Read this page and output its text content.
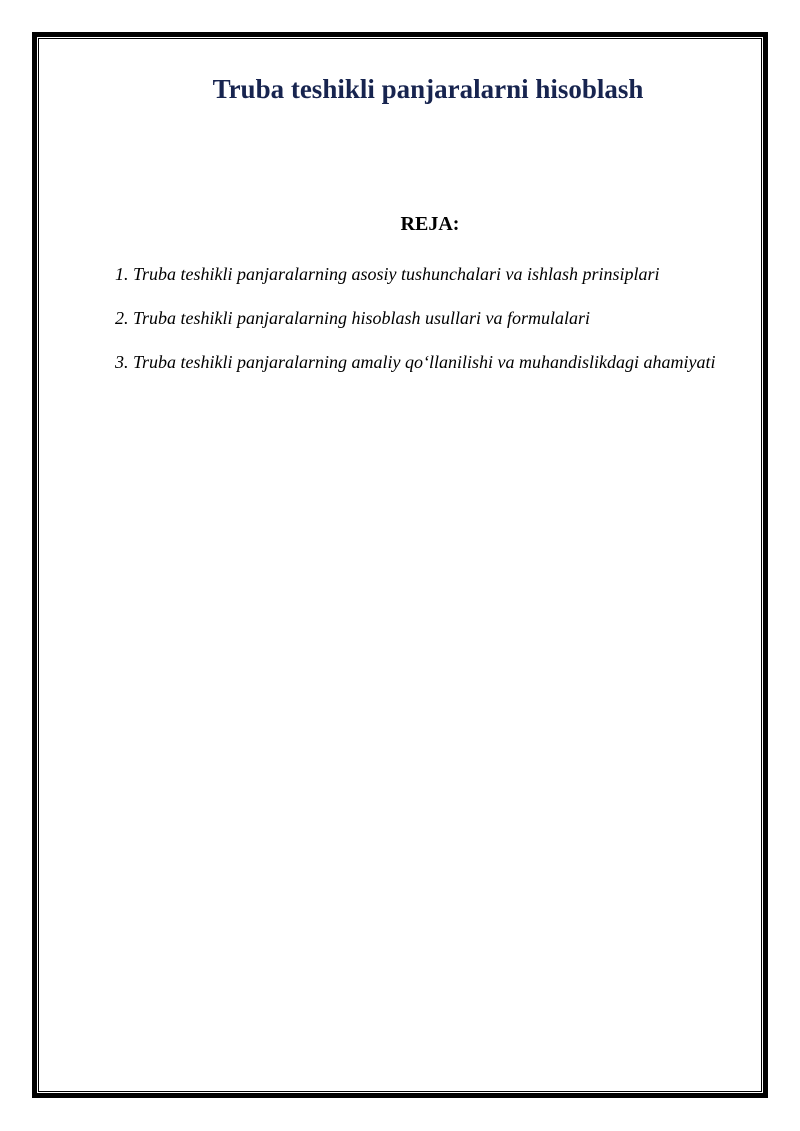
Truba teshikli panjaralarni hisoblash
REJA:
1. Truba teshikli panjaralarning asosiy tushunchalari va ishlash prinsiplari
2. Truba teshikli panjaralarning hisoblash usullari va formulalari
3. Truba teshikli panjaralarning amaliy qo‘llanilishi va muhandislikdagi ahamiyati
